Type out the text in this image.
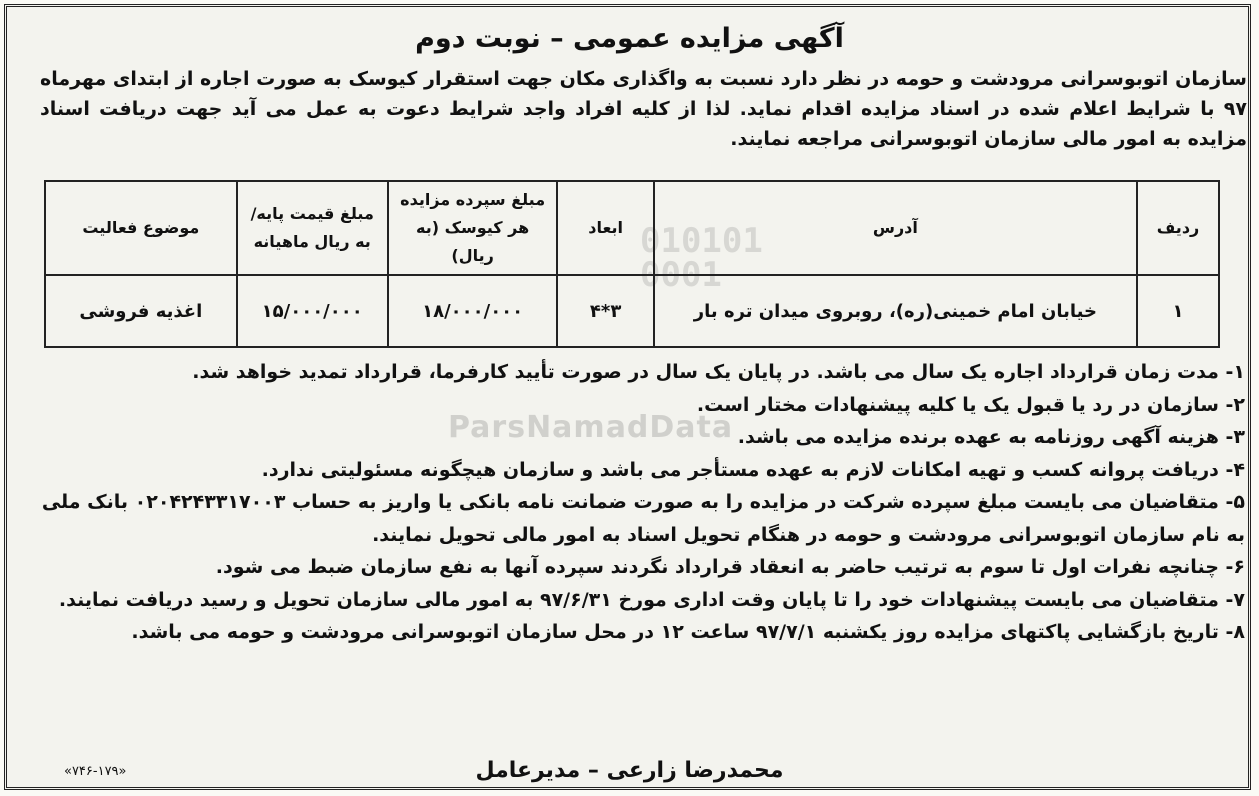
010101
0001
ParsNamadData
آگهی مزایده عمومی – نوبت دوم
سازمان اتوبوسرانی مرودشت و حومه در نظر دارد نسبت به واگذاری مکان جهت استقرار کیوسک به صورت اجاره از ابتدای مهرماه ۹۷ با شرایط اعلام شده در اسناد مزایده اقدام نماید. لذا از کلیه افراد واجد شرایط دعوت به عمل می آید جهت دریافت اسناد مزایده به امور مالی سازمان اتوبوسرانی مراجعه نمایند.
ردیف	آدرس	ابعاد	مبلغ سپرده مزایده هر کیوسک (به ریال)	مبلغ قیمت پایه/ به ریال ماهیانه	موضوع فعالیت
۱	خیابان امام خمینی(ره)، روبروی میدان تره بار	۳*۴	۱۸/۰۰۰/۰۰۰	۱۵/۰۰۰/۰۰۰	اغذیه فروشی
۱- مدت زمان قرارداد اجاره یک سال می باشد. در پایان یک سال در صورت تأیید کارفرما، قرارداد تمدید خواهد شد.
۲- سازمان در رد یا قبول یک یا کلیه پیشنهادات مختار است.
۳- هزینه آگهی روزنامه به عهده برنده مزایده می باشد.
۴- دریافت پروانه کسب و تهیه امکانات لازم به عهده مستأجر می باشد و سازمان هیچگونه مسئولیتی ندارد.
۵- متقاضیان می بایست مبلغ سپرده شرکت در مزایده را به صورت ضمانت نامه بانکی یا واریز به حساب ۰۲۰۴۲۴۳۳۱۷۰۰۳ بانک ملی به نام سازمان اتوبوسرانی مرودشت و حومه در هنگام تحویل اسناد به امور مالی تحویل نمایند.
۶- چنانچه نفرات اول تا سوم به ترتیب حاضر به انعقاد قرارداد نگردند سپرده آنها به نفع سازمان ضبط می شود.
۷- متقاضیان می بایست پیشنهادات خود را تا پایان وقت اداری مورخ ۹۷/۶/۳۱ به امور مالی سازمان تحویل و رسید دریافت نمایند.
۸- تاریخ بازگشایی پاکتهای مزایده روز یکشنبه ۹۷/۷/۱ ساعت ۱۲ در محل سازمان اتوبوسرانی مرودشت و حومه می باشد.
محمدرضا زارعی – مدیرعامل
«۷۴۶-۱۷۹»
